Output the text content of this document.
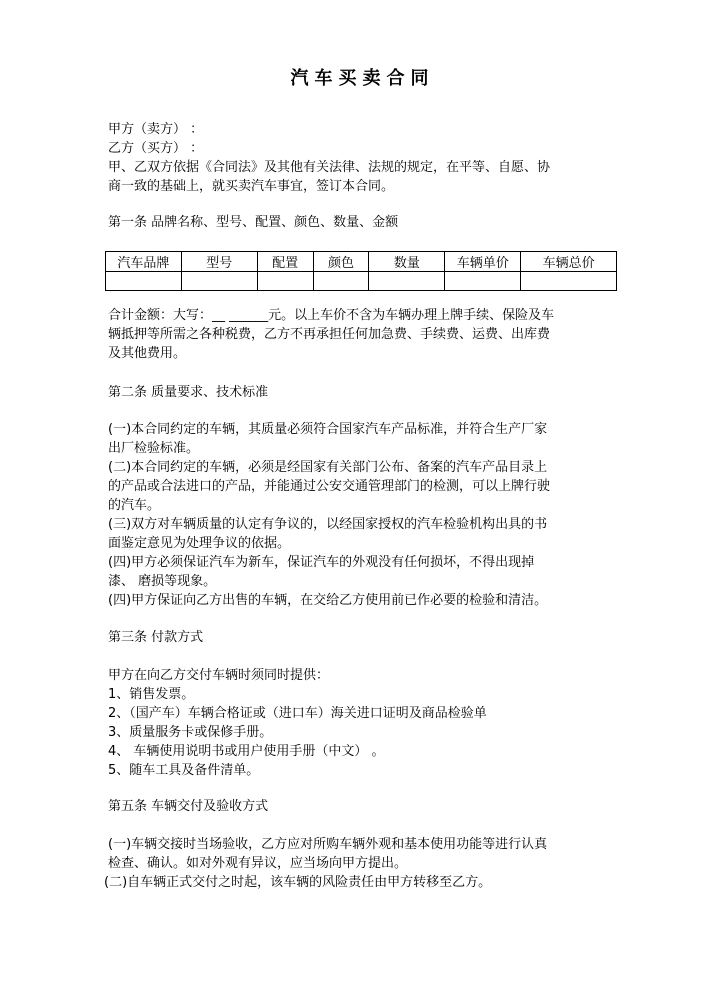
汽车买卖合同
甲方（卖方） ：
乙方（买方） ：
甲、乙双方依据《合同法》及其他有关法律、法规的规定，在平等、自愿、协
商一致的基础上，就买卖汽车事宜，签订本合同。
第一条 品牌名称、型号、配置、颜色、数量、金额
汽车品牌	型号	配置	颜色	数量	车辆单价	车辆总价

合计金额：大写：__ ______元。以上车价不含为车辆办理上牌手续、保险及车
辆抵押等所需之各种税费，乙方不再承担任何加急费、手续费、运费、出库费
及其他费用。
第二条 质量要求、技术标准
(一)本合同约定的车辆，其质量必须符合国家汽车产品标准，并符合生产厂家
出厂检验标准。
(二)本合同约定的车辆，必须是经国家有关部门公布、备案的汽车产品目录上
的产品或合法进口的产品，并能通过公安交通管理部门的检测，可以上牌行驶
的汽车。
(三)双方对车辆质量的认定有争议的，以经国家授权的汽车检验机构出具的书
面鉴定意见为处理争议的依据。
(四)甲方必须保证汽车为新车，保证汽车的外观没有任何损坏，不得出现掉
漆、 磨损等现象。
(四)甲方保证向乙方出售的车辆，在交给乙方使用前已作必要的检验和清洁。
第三条 付款方式
甲方在向乙方交付车辆时须同时提供：
1、销售发票。
2、（国产车）车辆合格证或（进口车）海关进口证明及商品检验单
3、质量服务卡或保修手册。
4、 车辆使用说明书或用户使用手册（中文） 。
5、随车工具及备件清单。
第五条 车辆交付及验收方式
(一)车辆交接时当场验收，乙方应对所购车辆外观和基本使用功能等进行认真
检查、确认。如对外观有异议，应当场向甲方提出。
(二)自车辆正式交付之时起，该车辆的风险责任由甲方转移至乙方。
